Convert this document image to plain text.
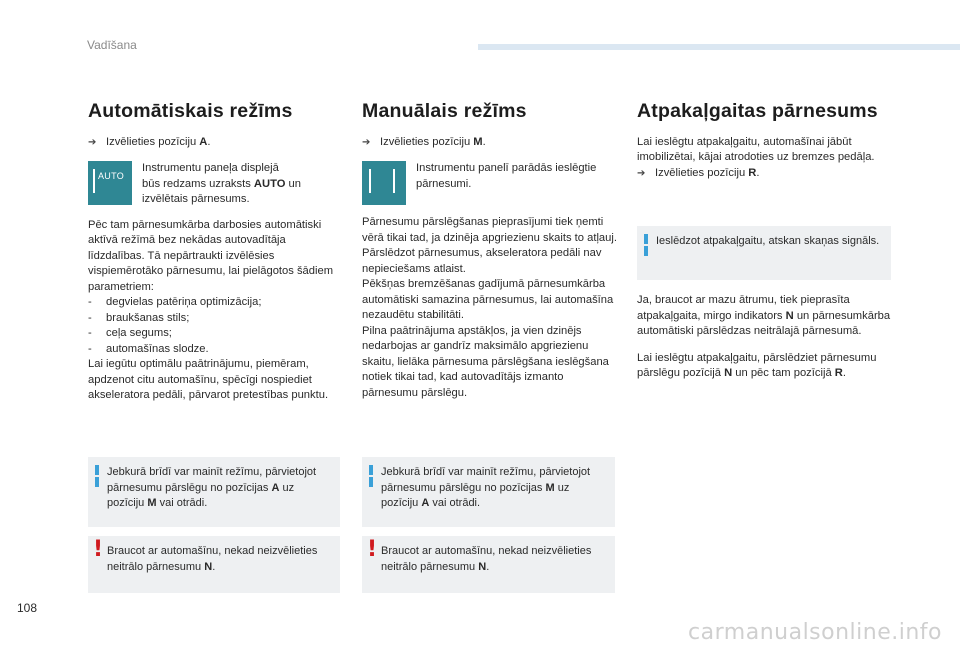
Vadīšana
Automātiskais režīms
➔ Izvēlieties pozīciju A.
AUTO
Instrumentu paneļa displejā
būs redzams uzraksts AUTO un
izvēlētais pārnesums.

Pēc tam pārnesumkārba darbosies automātiski aktīvā režīmā bez nekādas autovadītāja līdzdalības. Tā nepārtraukti izvēlēsies vispiemērotāko pārnesumu, lai pielāgotos šādiem parametriem:

-	degvielas patēriņa optimizācija;
-	braukšanas stils;
-	ceļa segums;
-	automašīnas slodze.

Lai iegūtu optimālu paātrinājumu, piemēram, apdzenot citu automašīnu, spēcīgi nospiediet akseleratora pedāli, pārvarot pretestības punktu.

Jebkurā brīdī var mainīt režīmu, pārvietojot pārnesumu pārslēgu no pozīcijas A uz pozīciju M vai otrādi.
! Braucot ar automašīnu, nekad neizvēlieties neitrālo pārnesumu N.
Manuālais režīms
➔ Izvēlieties pozīciju M.
Instrumentu panelī parādās ieslēgtie pārnesumi.

Pārnesumu pārslēgšanas pieprasījumi tiek ņemti vērā tikai tad, ja dzinēja apgriezienu skaits to atļauj.

Pārslēdzot pārnesumus, akseleratora pedāli nav nepieciešams atlaist.

Pēkšņas bremzēšanas gadījumā pārnesumkārba automātiski samazina pārnesumus, lai automašīna nezaudētu stabilitāti.

Pilna paātrinājuma apstākļos, ja vien dzinējs nedarbojas ar gandrīz maksimālo apgriezienu skaitu, lielāka pārnesuma pārslēgšana ieslēgšana notiek tikai tad, kad autovadītājs izmanto pārnesumu pārslēgu.

Jebkurā brīdī var mainīt režīmu, pārvietojot pārnesumu pārslēgu no pozīcijas M uz pozīciju A vai otrādi.
! Braucot ar automašīnu, nekad neizvēlieties neitrālo pārnesumu N.
Atpakaļgaitas pārnesums

Lai ieslēgtu atpakaļgaitu, automašīnai jābūt imobilizētai, kājai atrodoties uz bremzes pedāļa.

➔ Izvēlieties pozīciju R.
Ieslēdzot atpakaļgaitu, atskan skaņas signāls.

Ja, braucot ar mazu ātrumu, tiek pieprasīta atpakaļgaita, mirgo indikators N un pārnesumkārba automātiski pārslēdzas neitrālajā pārnesumā.

Lai ieslēgtu atpakaļgaitu, pārslēdziet pārnesumu pārslēgu pozīcijā N un pēc tam pozīcijā R.

108
carmanualsonline.info
